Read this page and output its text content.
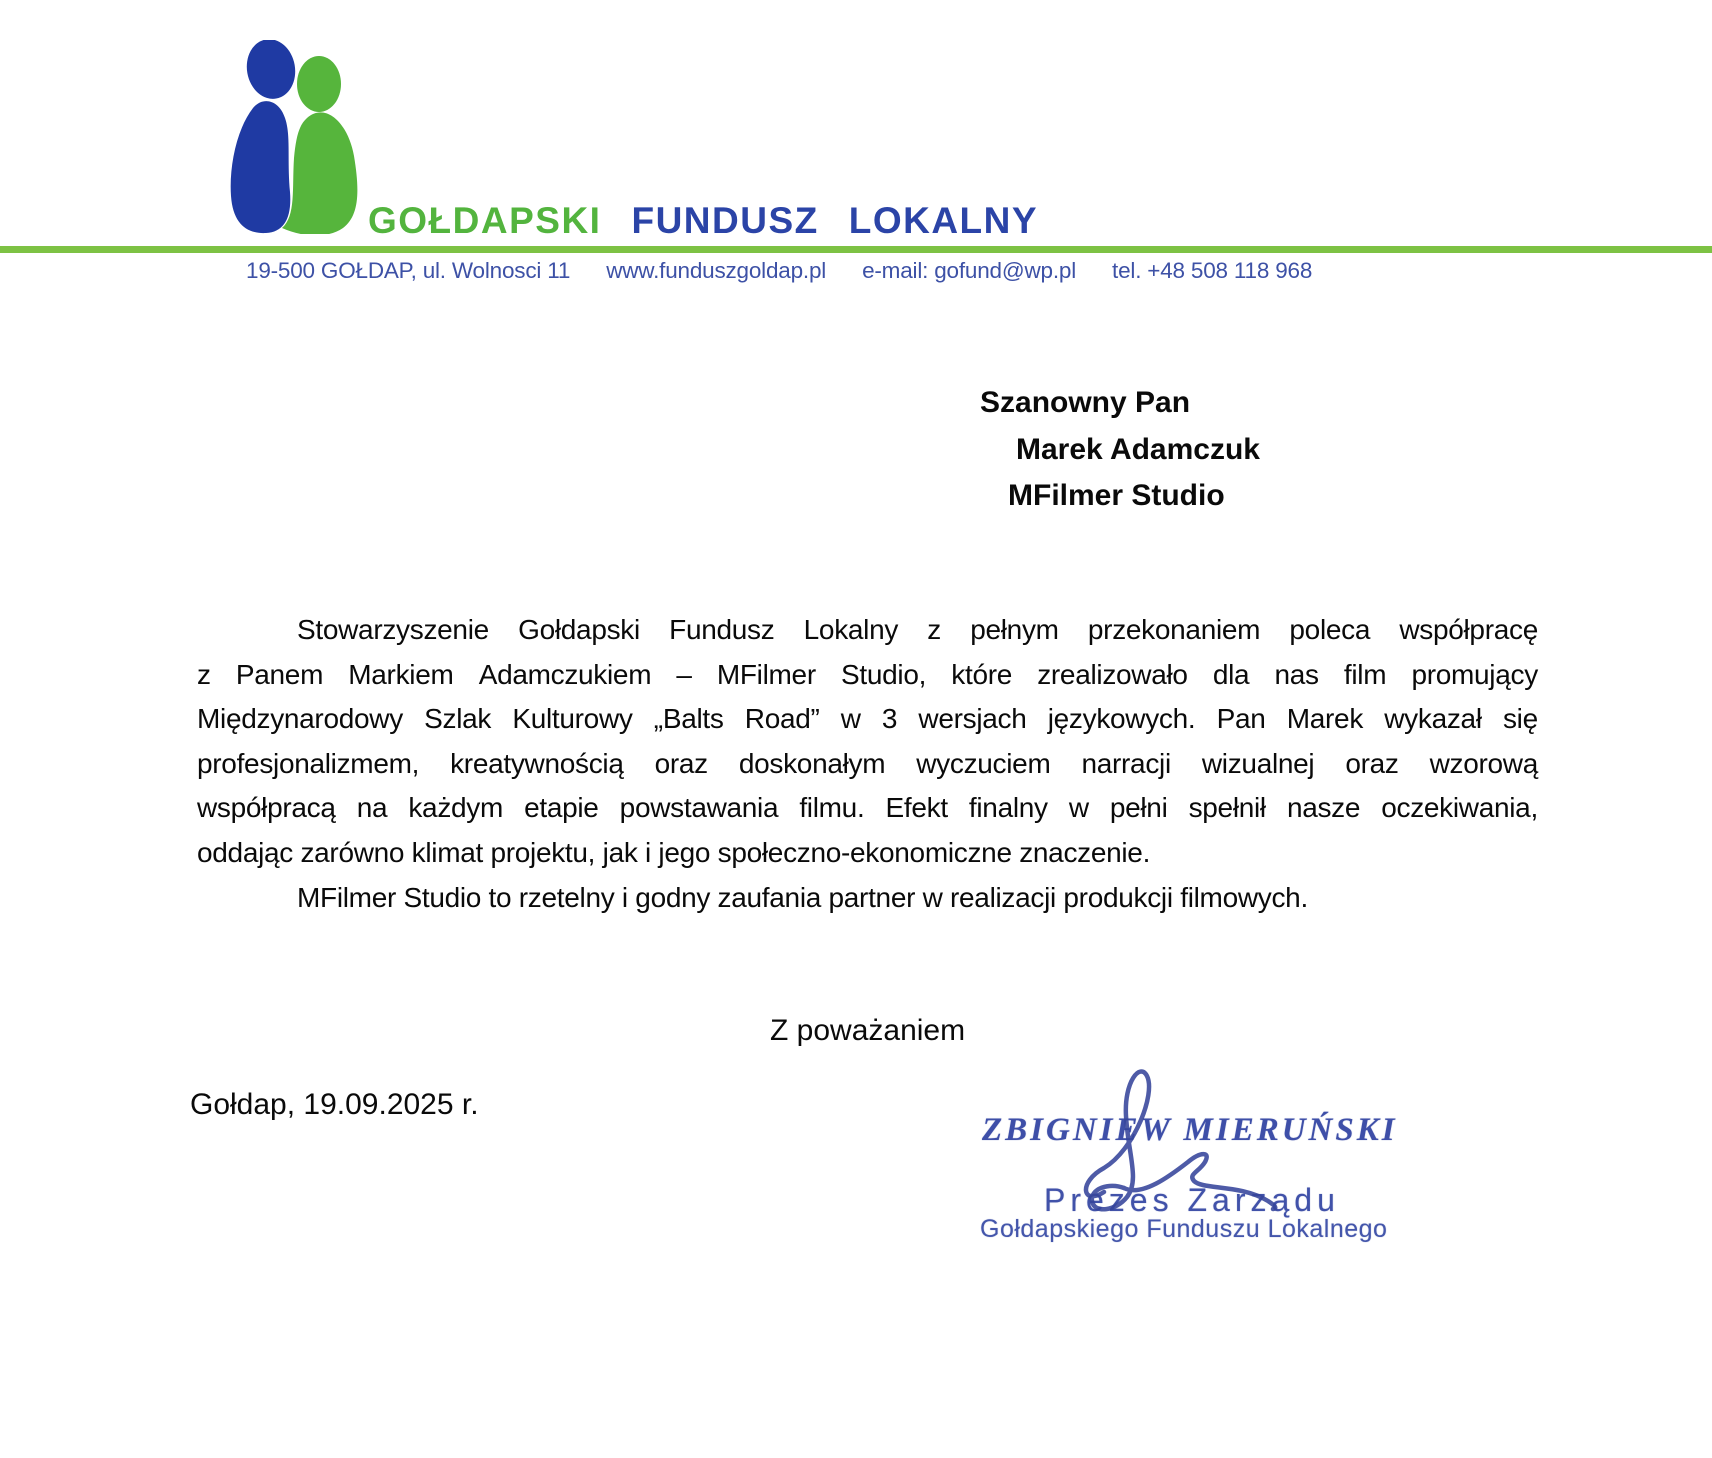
GOŁDAPSKI FUNDUSZ LOKALNY
19-500 GOŁDAP, ul. Wolnosci 11 www.funduszgoldap.pl e-mail: gofund@wp.pl tel. +48 508 118 968
Szanowny Pan
Marek Adamczuk
MFilmer Studio
Stowarzyszenie Gołdapski Fundusz Lokalny z pełnym przekonaniem poleca współpracę
z Panem Markiem Adamczukiem – MFilmer Studio, które zrealizowało dla nas film promujący
Międzynarodowy Szlak Kulturowy „Balts Road” w 3 wersjach językowych. Pan Marek wykazał się
profesjonalizmem, kreatywnością oraz doskonałym wyczuciem narracji wizualnej oraz wzorową
współpracą na każdym etapie powstawania filmu. Efekt finalny w pełni spełnił nasze oczekiwania,
oddając zarówno klimat projektu, jak i jego społeczno-ekonomiczne znaczenie.
MFilmer Studio to rzetelny i godny zaufania partner w realizacji produkcji filmowych.
Z poważaniem
Gołdap, 19.09.2025 r.
ZBIGNIEW MIERUŃSKI
Prezes Zarządu
Gołdapskiego Funduszu Lokalnego
